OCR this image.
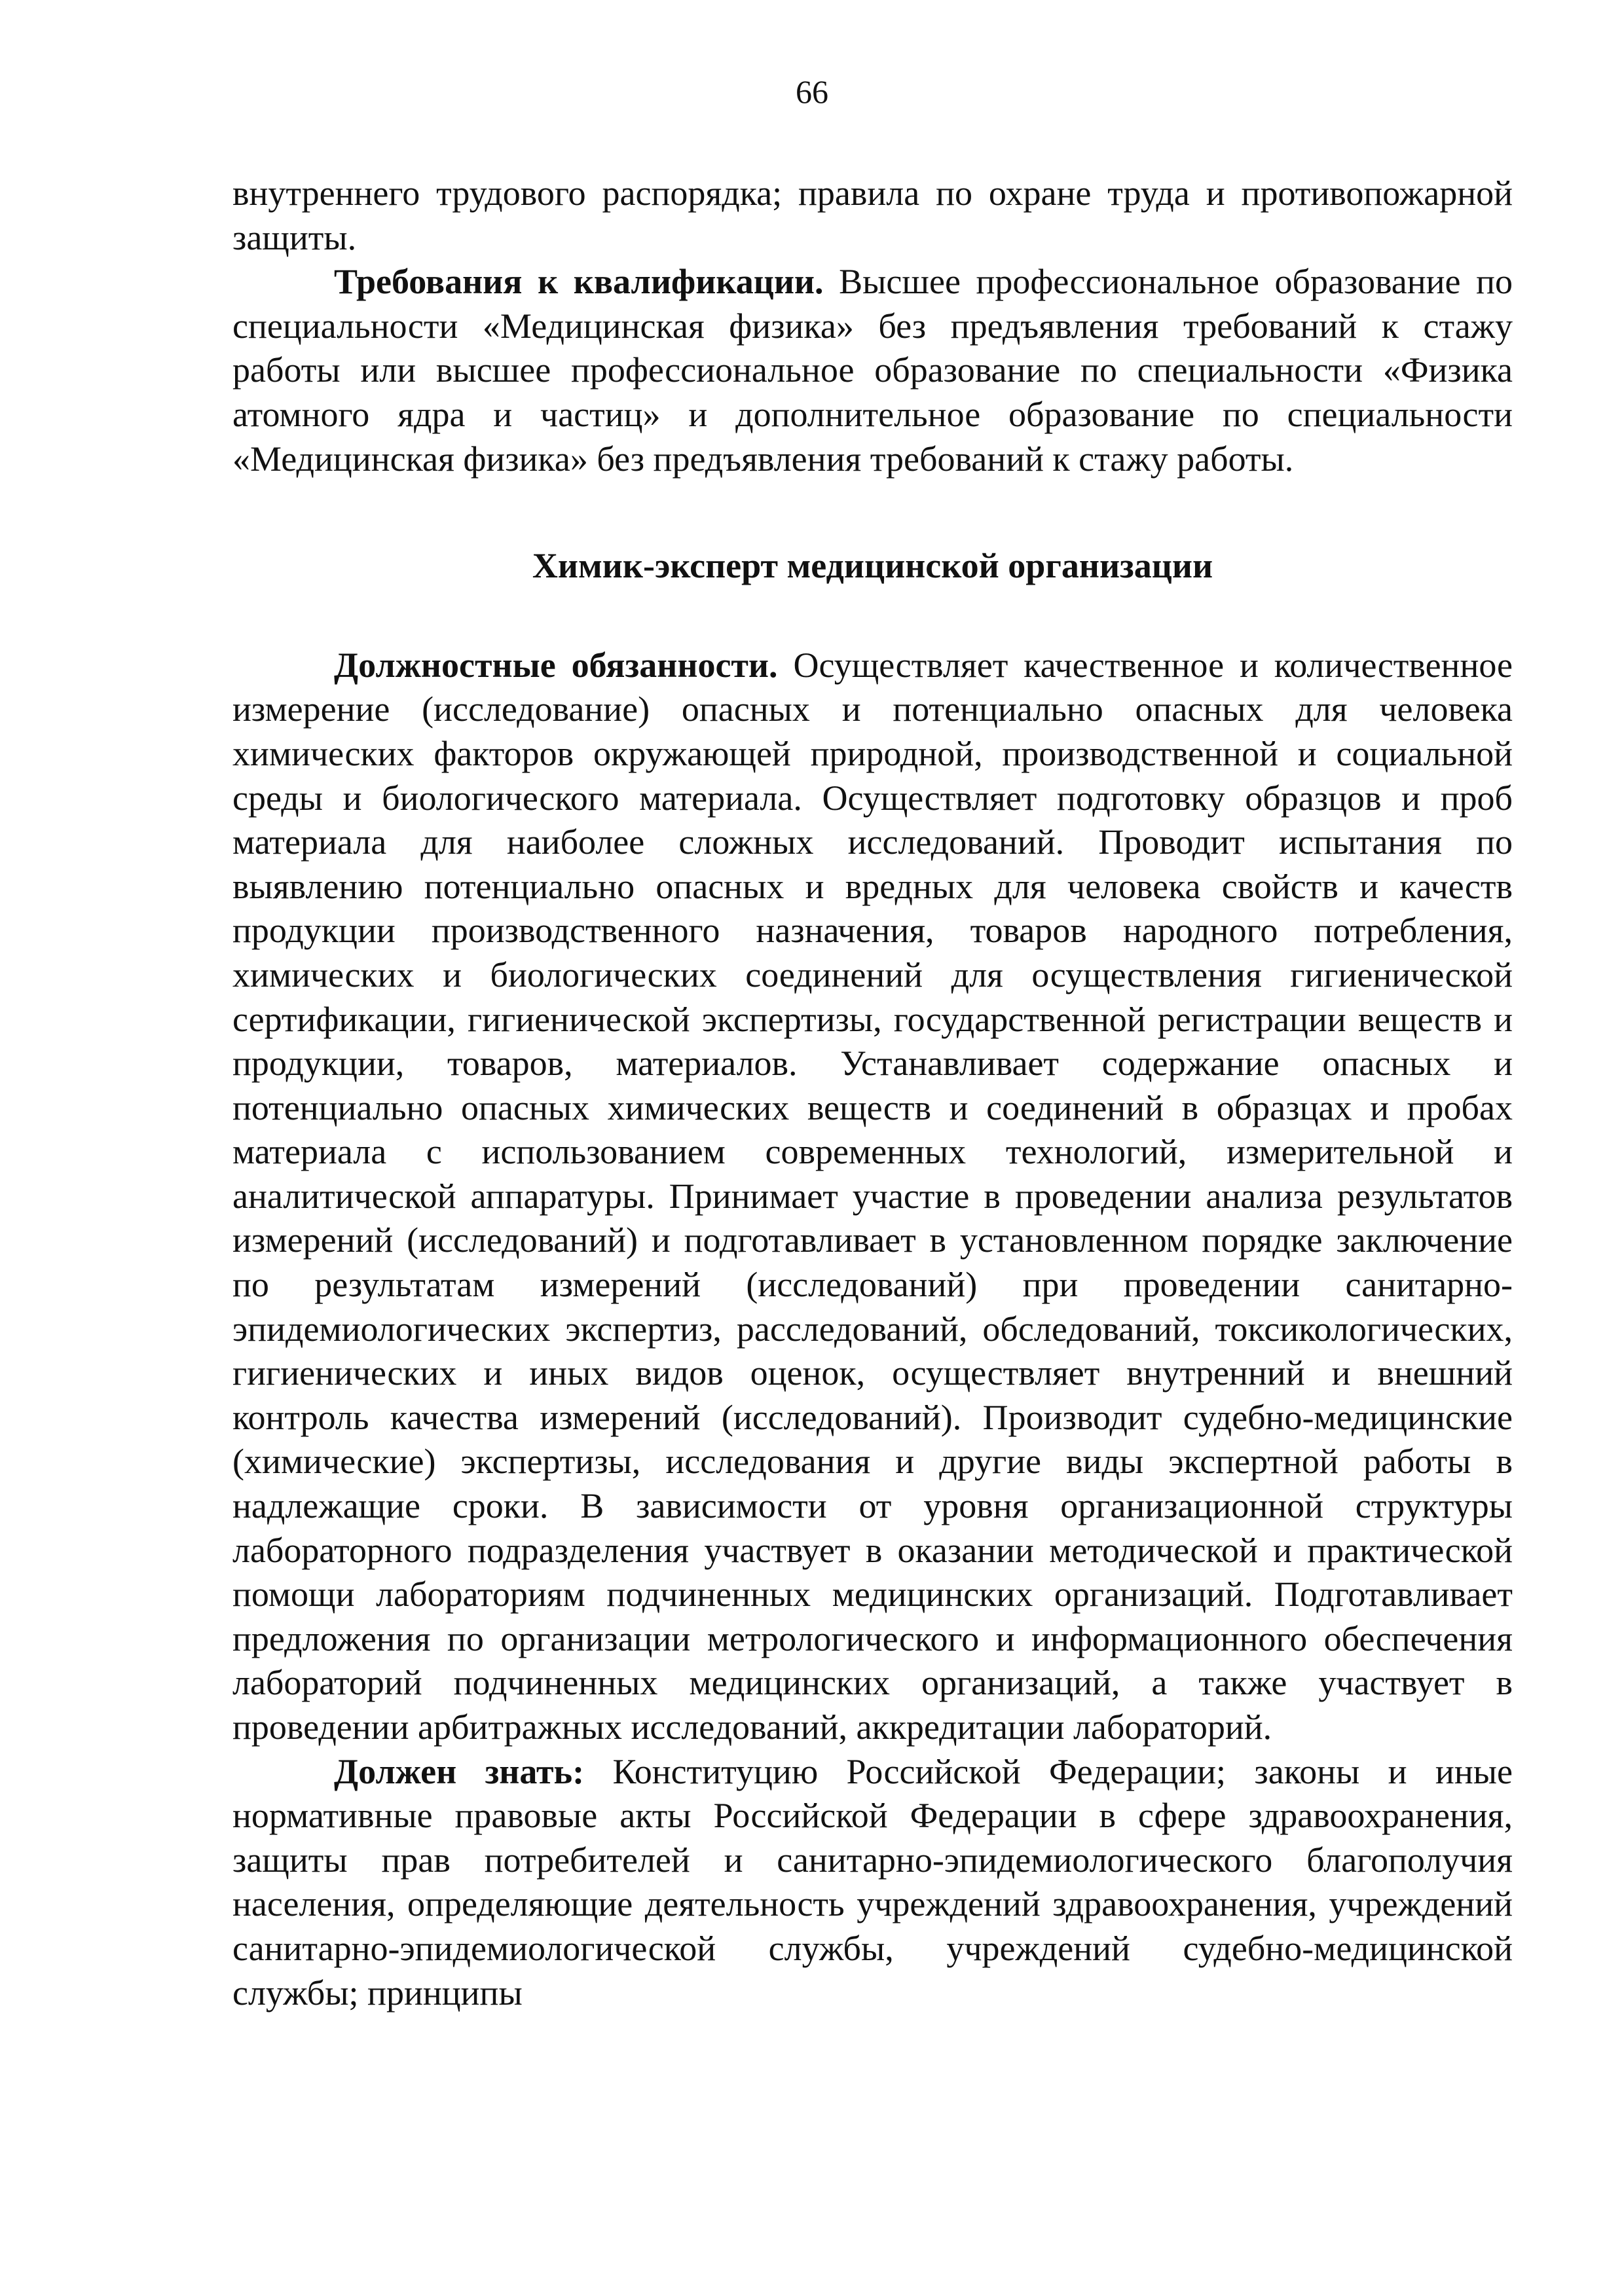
66

внутреннего трудового распорядка; правила по охране труда и противопожарной защиты.

Требования к квалификации. Высшее профессиональное образование по специальности «Медицинская физика» без предъявления требований к стажу работы или высшее профессиональное образование по специальности «Физика атомного ядра и частиц» и дополнительное образование по специальности «Медицинская физика» без предъявления требований к стажу работы.

Химик-эксперт медицинской организации

Должностные обязанности. Осуществляет качественное и количественное измерение (исследование) опасных и потенциально опасных для человека химических факторов окружающей природной, производственной и социальной среды и биологического материала. Осуществляет подготовку образцов и проб материала для наиболее сложных исследований. Проводит испытания по выявлению потенциально опасных и вредных для человека свойств и качеств продукции производственного назначения, товаров народного потребления, химических и биологических соединений для осуществления гигиенической сертификации, гигиенической экспертизы, государственной регистрации веществ и продукции, товаров, материалов. Устанавливает содержание опасных и потенциально опасных химических веществ и соединений в образцах и пробах материала с использованием современных технологий, измерительной и аналитической аппаратуры. Принимает участие в проведении анализа результатов измерений (исследований) и подготавливает в установленном порядке заключение по результатам измерений (исследований) при проведении санитарно-эпидемиологических экспертиз, расследований, обследований, токсикологических, гигиенических и иных видов оценок, осуществляет внутренний и внешний контроль качества измерений (исследований). Производит судебно-медицинские (химические) экспертизы, исследования и другие виды экспертной работы в надлежащие сроки. В зависимости от уровня организационной структуры лабораторного подразделения участвует в оказании методической и практической помощи лабораториям подчиненных медицинских организаций. Подготавливает предложения по организации метрологического и информационного обеспечения лабораторий подчиненных медицинских организаций, а также участвует в проведении арбитражных исследований, аккредитации лабораторий.

Должен знать: Конституцию Российской Федерации; законы и иные нормативные правовые акты Российской Федерации в сфере здравоохранения, защиты прав потребителей и санитарно-эпидемиологического благополучия населения, определяющие деятельность учреждений здравоохранения, учреждений санитарно-эпидемиологической службы, учреждений судебно-медицинской службы; принципы
